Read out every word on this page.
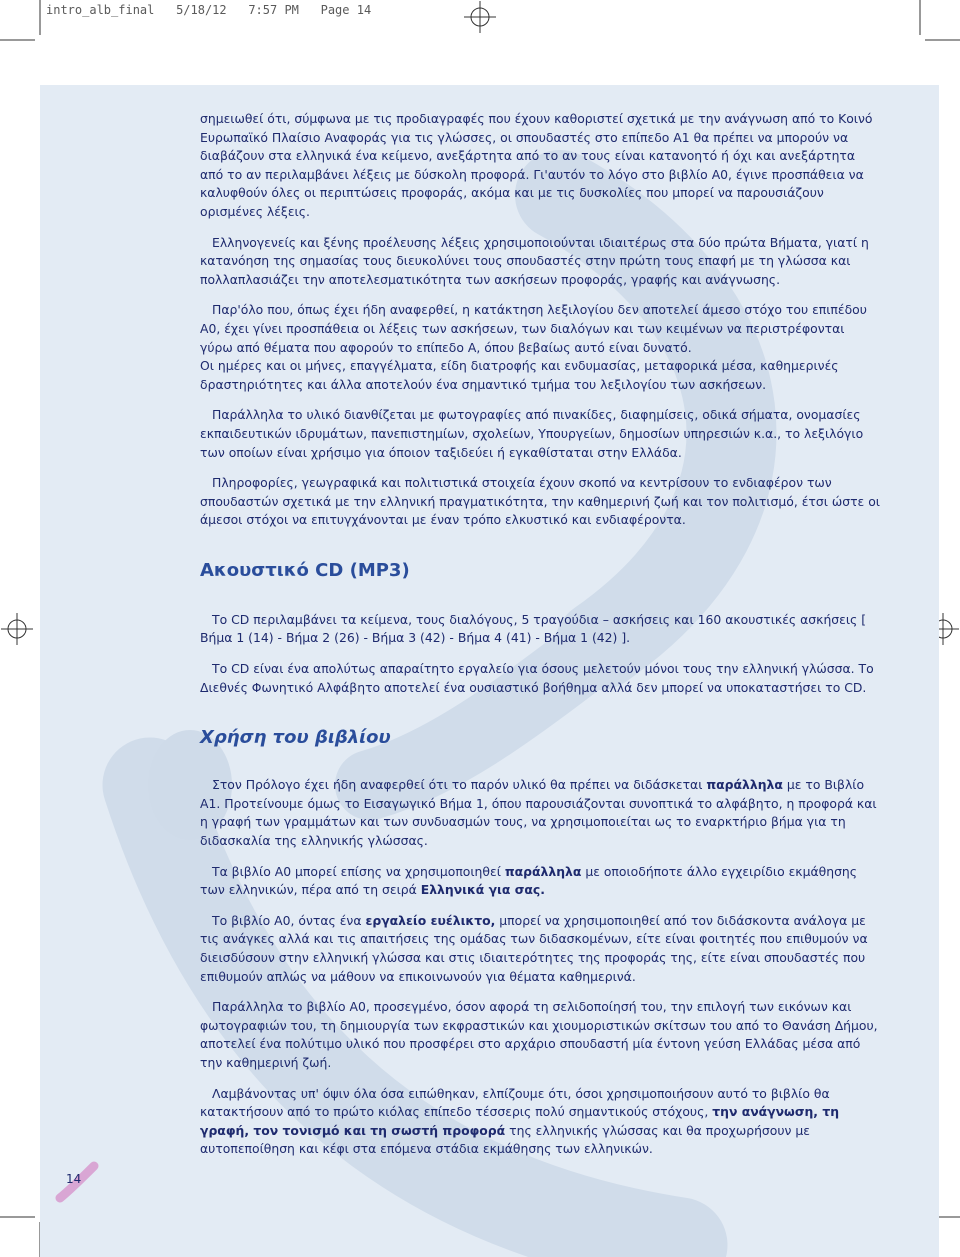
intro_alb_final 5/18/12 7:57 PM Page 14

σημειωθεί ότι, σύμφωνα με τις προδιαγραφές που έχουν καθοριστεί σχετικά με την ανάγνωση από το Κοινό Ευρωπαϊκό Πλαίσιο Αναφοράς για τις γλώσσες, οι σπουδαστές στο επίπεδο Α1 θα πρέπει να μπορούν να διαβάζουν στα ελληνικά ένα κείμενο, ανεξάρτητα από το αν τους είναι κατανοητό ή όχι και ανεξάρτητα από το αν περιλαμβάνει λέξεις με δύσκολη προφορά. Γι'αυτόν το λόγο στο βιβλίο Α0, έγινε προσπάθεια να καλυφθούν όλες οι περιπτώσεις προφοράς, ακόμα και με τις δυσκολίες που μπορεί να παρουσιάζουν ορισμένες λέξεις.

Ελληνογενείς και ξένης προέλευσης λέξεις χρησιμοποιούνται ιδιαιτέρως στα δύο πρώτα Βήματα, γιατί η κατανόηση της σημασίας τους διευκολύνει τους σπουδαστές στην πρώτη τους επαφή με τη γλώσσα και πολλαπλασιάζει την αποτελεσματικότητα των ασκήσεων προφοράς, γραφής και ανάγνωσης.

Παρ'όλο που, όπως έχει ήδη αναφερθεί, η κατάκτηση λεξιλογίου δεν αποτελεί άμεσο στόχο του επιπέδου Α0, έχει γίνει προσπάθεια οι λέξεις των ασκήσεων, των διαλόγων και των κειμένων να περιστρέφονται γύρω από θέματα που αφορούν το επίπεδο Α, όπου βεβαίως αυτό είναι δυνατό.

Οι ημέρες και οι μήνες, επαγγέλματα, είδη διατροφής και ενδυμασίας, μεταφορικά μέσα, καθημερινές δραστηριότητες και άλλα αποτελούν ένα σημαντικό τμήμα του λεξιλογίου των ασκήσεων.

Παράλληλα το υλικό διανθίζεται με φωτογραφίες από πινακίδες, διαφημίσεις, οδικά σήματα, ονομασίες εκπαιδευτικών ιδρυμάτων, πανεπιστημίων, σχολείων, Υπουργείων, δημοσίων υπηρεσιών κ.α., το λεξιλόγιο των οποίων είναι χρήσιμο για όποιον ταξιδεύει ή εγκαθίσταται στην Ελλάδα.

Πληροφορίες, γεωγραφικά και πολιτιστικά στοιχεία έχουν σκοπό να κεντρίσουν το ενδιαφέρον των σπουδαστών σχετικά με την ελληνική πραγματικότητα, την καθημερινή ζωή και τον πολιτισμό, έτσι ώστε οι άμεσοι στόχοι να επιτυγχάνονται με έναν τρόπο ελκυστικό και ενδιαφέροντα.

Ακουστικό CD (MP3)

Το CD περιλαμβάνει τα κείμενα, τους διαλόγους, 5 τραγούδια – ασκήσεις και 160 ακουστικές ασκήσεις [ Βήμα 1 (14) - Βήμα 2 (26) - Βήμα 3 (42) - Βήμα 4 (41) - Βήμα 1 (42) ].

Το CD είναι ένα απολύτως απαραίτητο εργαλείο για όσους μελετούν μόνοι τους την ελληνική γλώσσα. Το Διεθνές Φωνητικό Αλφάβητο αποτελεί ένα ουσιαστικό βοήθημα αλλά δεν μπορεί να υποκαταστήσει το CD.

Χρήση του βιβλίου

Στον Πρόλογο έχει ήδη αναφερθεί ότι το παρόν υλικό θα πρέπει να διδάσκεται παράλληλα με το Βιβλίο Α1. Προτείνουμε όμως το Εισαγωγικό Βήμα 1, όπου παρουσιάζονται συνοπτικά το αλφάβητο, η προφορά και η γραφή των γραμμάτων και των συνδυασμών τους, να χρησιμοποιείται ως το εναρκτήριο βήμα για τη διδασκαλία της ελληνικής γλώσσας.

Τα βιβλίο Α0 μπορεί επίσης να χρησιμοποιηθεί παράλληλα με οποιοδήποτε άλλο εγχειρίδιο εκμάθησης των ελληνικών, πέρα από τη σειρά Ελληνικά για σας.

Το βιβλίο Α0, όντας ένα εργαλείο ευέλικτο, μπορεί να χρησιμοποιηθεί από τον διδάσκοντα ανάλογα με τις ανάγκες αλλά και τις απαιτήσεις της ομάδας των διδασκομένων, είτε είναι φοιτητές που επιθυμούν να διεισδύσουν στην ελληνική γλώσσα και στις ιδιαιτερότητες της προφοράς της, είτε είναι σπουδαστές που επιθυμούν απλώς να μάθουν να επικοινωνούν για θέματα καθημερινά.

Παράλληλα το βιβλίο Α0, προσεγμένο, όσον αφορά τη σελιδοποίησή του, την επιλογή των εικόνων και φωτογραφιών του, τη δημιουργία των εκφραστικών και χιουμοριστικών σκίτσων του από το Θανάση Δήμου, αποτελεί ένα πολύτιμο υλικό που προσφέρει στο αρχάριο σπουδαστή μία έντονη γεύση Ελλάδας μέσα από την καθημερινή ζωή.

Λαμβάνοντας υπ' όψιν όλα όσα ειπώθηκαν, ελπίζουμε ότι, όσοι χρησιμοποιήσουν αυτό το βιβλίο θα κατακτήσουν από το πρώτο κιόλας επίπεδο τέσσερις πολύ σημαντικούς στόχους, την ανάγνωση, τη γραφή, τον τονισμό και τη σωστή προφορά της ελληνικής γλώσσας και θα προχωρήσουν με αυτοπεποίθηση και κέφι στα επόμενα στάδια εκμάθησης των ελληνικών.

14
